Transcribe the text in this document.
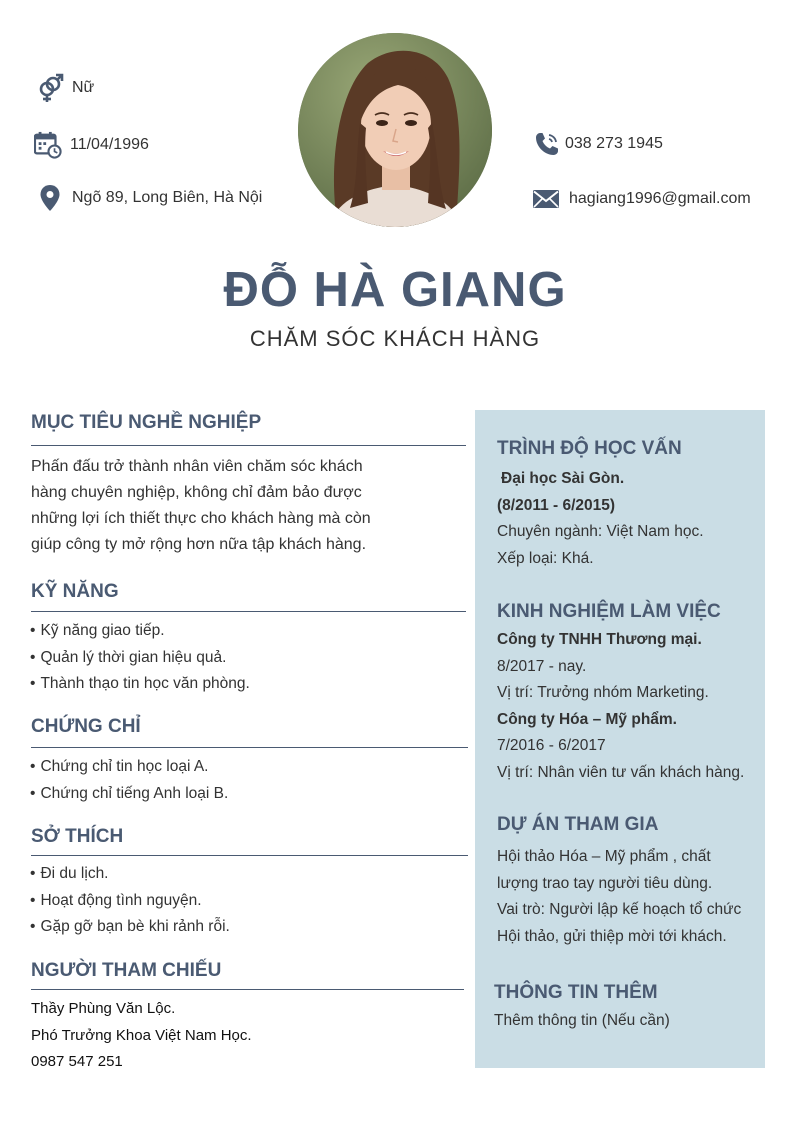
Nữ
11/04/1996
Ngõ 89, Long Biên, Hà Nội
038 273 1945
hagiang1996@gmail.com
ĐỖ HÀ GIANG
CHĂM SÓC KHÁCH HÀNG
MỤC TIÊU NGHỀ NGHIỆP
Phấn đấu trở thành nhân viên chăm sóc khách
hàng chuyên nghiệp, không chỉ đảm bảo được
những lợi ích thiết thực cho khách hàng mà còn
giúp công ty mở rộng hơn nữa tập khách hàng.
KỸ NĂNG
• Kỹ năng giao tiếp.
• Quản lý thời gian hiệu quả.
• Thành thạo tin học văn phòng.
CHỨNG CHỈ
• Chứng chỉ tin học loại A.
• Chứng chỉ tiếng Anh loại B.
SỞ THÍCH
• Đi du lịch.
• Hoạt động tình nguyện.
• Gặp gỡ bạn bè khi rảnh rỗi.
NGƯỜI THAM CHIẾU
Thầy Phùng Văn Lộc.
Phó Trưởng Khoa Việt Nam Học.
0987 547 251
TRÌNH ĐỘ HỌC VẤN
Đại học Sài Gòn.
(8/2011 - 6/2015)
Chuyên ngành: Việt Nam học.
Xếp loại: Khá.
KINH NGHIỆM LÀM VIỆC
Công ty TNHH Thương mại.
8/2017 - nay.
Vị trí: Trưởng nhóm Marketing.
Công ty Hóa – Mỹ phẩm.
7/2016 - 6/2017
Vị trí: Nhân viên tư vấn khách hàng.
DỰ ÁN THAM GIA
Hội thảo Hóa – Mỹ phẩm , chất
lượng trao tay người tiêu dùng.
Vai trò: Người lập kế hoạch tổ chức
Hội thảo, gửi thiệp mời tới khách.
THÔNG TIN THÊM
Thêm thông tin (Nếu cần)
